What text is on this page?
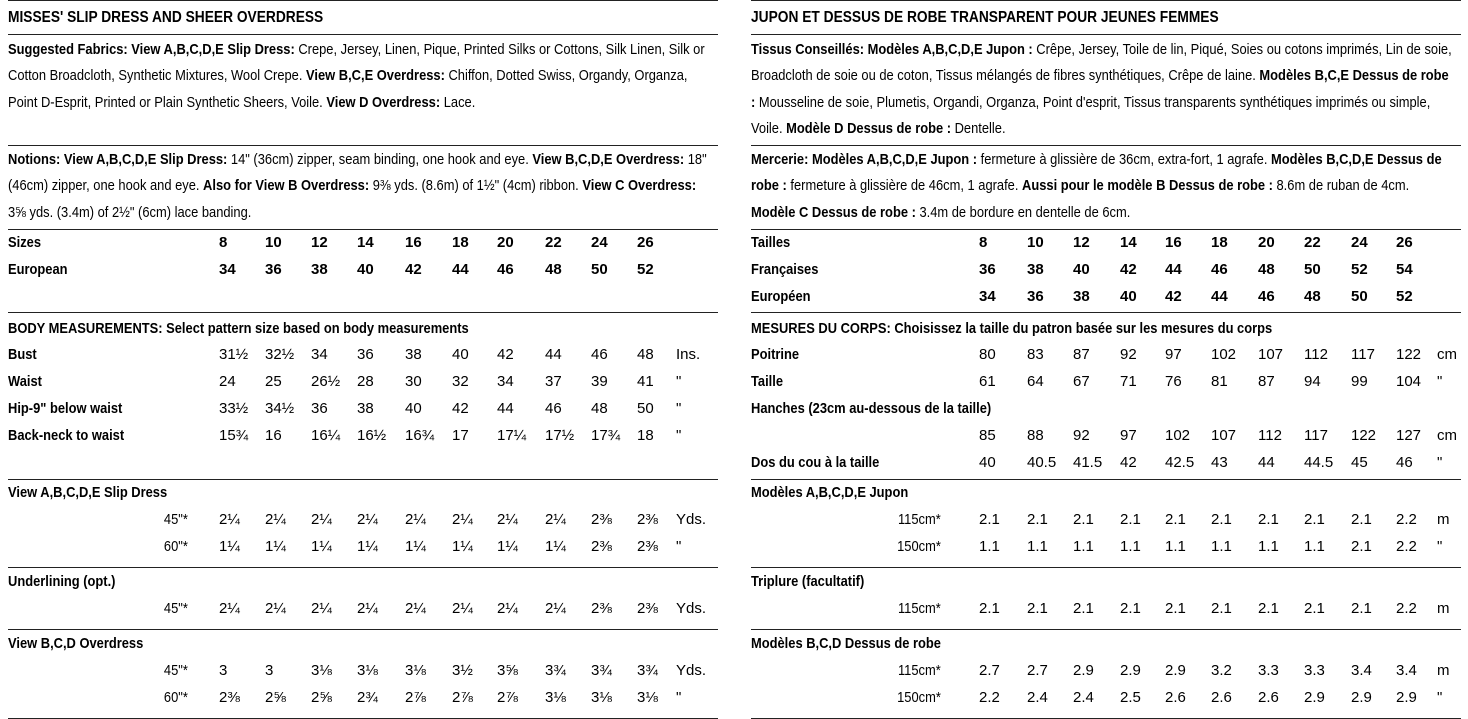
MISSES' SLIP DRESS AND SHEER OVERDRESS
Suggested Fabrics: View A,B,C,D,E Slip Dress: Crepe, Jersey, Linen, Pique, Printed Silks or Cottons, Silk Linen, Silk or Cotton Broadcloth, Synthetic Mixtures, Wool Crepe. View B,C,E Overdress: Chiffon, Dotted Swiss, Organdy, Organza, Point D-Esprit, Printed or Plain Synthetic Sheers, Voile. View D Overdress: Lace.
Notions: View A,B,C,D,E Slip Dress: 14" (36cm) zipper, seam binding, one hook and eye. View B,C,D,E Overdress: 18" (46cm) zipper, one hook and eye. Also for View B Overdress: 9⅜ yds. (8.6m) of 1½" (4cm) ribbon. View C Overdress: 3⅝ yds. (3.4m) of 2½" (6cm) lace banding.
Sizes	8	10	12	14	16	18	20	22	24	26
European	34	36	38	40	42	44	46	48	50	52
BODY MEASUREMENTS: Select pattern size based on body measurements
Bust	31½	32½	34	36	38	40	42	44	46	48	Ins.
Waist	24	25	26½	28	30	32	34	37	39	41	"
Hip-9" below waist	33½	34½	36	38	40	42	44	46	48	50	"
Back-neck to waist	15¾	16	16¼	16½	16¾	17	17¼	17½	17¾	18	"
View A,B,C,D,E Slip Dress
45"* 2¼	2¼	2¼	2¼	2¼	2¼	2¼	2¼	2⅜	2⅜	Yds.
60"* 1¼	1¼	1¼	1¼	1¼	1¼	1¼	1¼	2⅜	2⅜	"
Underlining (opt.)
45"* 2¼	2¼	2¼	2¼	2¼	2¼	2¼	2¼	2⅜	2⅜	Yds.
View B,C,D Overdress
45"* 3	3	3⅛	3⅛	3⅛	3½	3⅝	3¾	3¾	3¾	Yds.
60"* 2⅜	2⅝	2⅝	2¾	2⅞	2⅞	2⅞	3⅛	3⅛	3⅛	"
JUPON ET DESSUS DE ROBE TRANSPARENT POUR JEUNES FEMMES
Tissus Conseillés: Modèles A,B,C,D,E Jupon : Crêpe, Jersey, Toile de lin, Piqué, Soies ou cotons imprimés, Lin de soie, Broadcloth de soie ou de coton, Tissus mélangés de fibres synthétiques, Crêpe de laine. Modèles B,C,E Dessus de robe : Mousseline de soie, Plumetis, Organdi, Organza, Point d'esprit, Tissus transparents synthétiques imprimés ou simple, Voile. Modèle D Dessus de robe : Dentelle.
Mercerie: Modèles A,B,C,D,E Jupon : fermeture à glissière de 36cm, extra-fort, 1 agrafe. Modèles B,C,D,E Dessus de robe : fermeture à glissière de 46cm, 1 agrafe. Aussi pour le modèle B Dessus de robe : 8.6m de ruban de 4cm. Modèle C Dessus de robe : 3.4m de bordure en dentelle de 6cm.
Tailles	8	10	12	14	16	18	20	22	24	26
Françaises	36	38	40	42	44	46	48	50	52	54
Européen	34	36	38	40	42	44	46	48	50	52
MESURES DU CORPS: Choisissez la taille du patron basée sur les mesures du corps
Poitrine	80	83	87	92	97	102	107	112	117	122	cm
Taille	61	64	67	71	76	81	87	94	99	104	"
Hanches (23cm au-dessous de la taille)
85	88	92	97	102	107	112	117	122	127	cm
Dos du cou à la taille	40	40.5	41.5	42	42.5	43	44	44.5	45	46	"
Modèles A,B,C,D,E Jupon
115cm*	2.1	2.1	2.1	2.1	2.1	2.1	2.1	2.1	2.1	2.2	m
150cm*	1.1	1.1	1.1	1.1	1.1	1.1	1.1	1.1	2.1	2.2	"
Triplure (facultatif)
115cm*	2.1	2.1	2.1	2.1	2.1	2.1	2.1	2.1	2.1	2.2	m
Modèles B,C,D Dessus de robe
115cm*	2.7	2.7	2.9	2.9	2.9	3.2	3.3	3.3	3.4	3.4	m
150cm*	2.2	2.4	2.4	2.5	2.6	2.6	2.6	2.9	2.9	2.9	"
